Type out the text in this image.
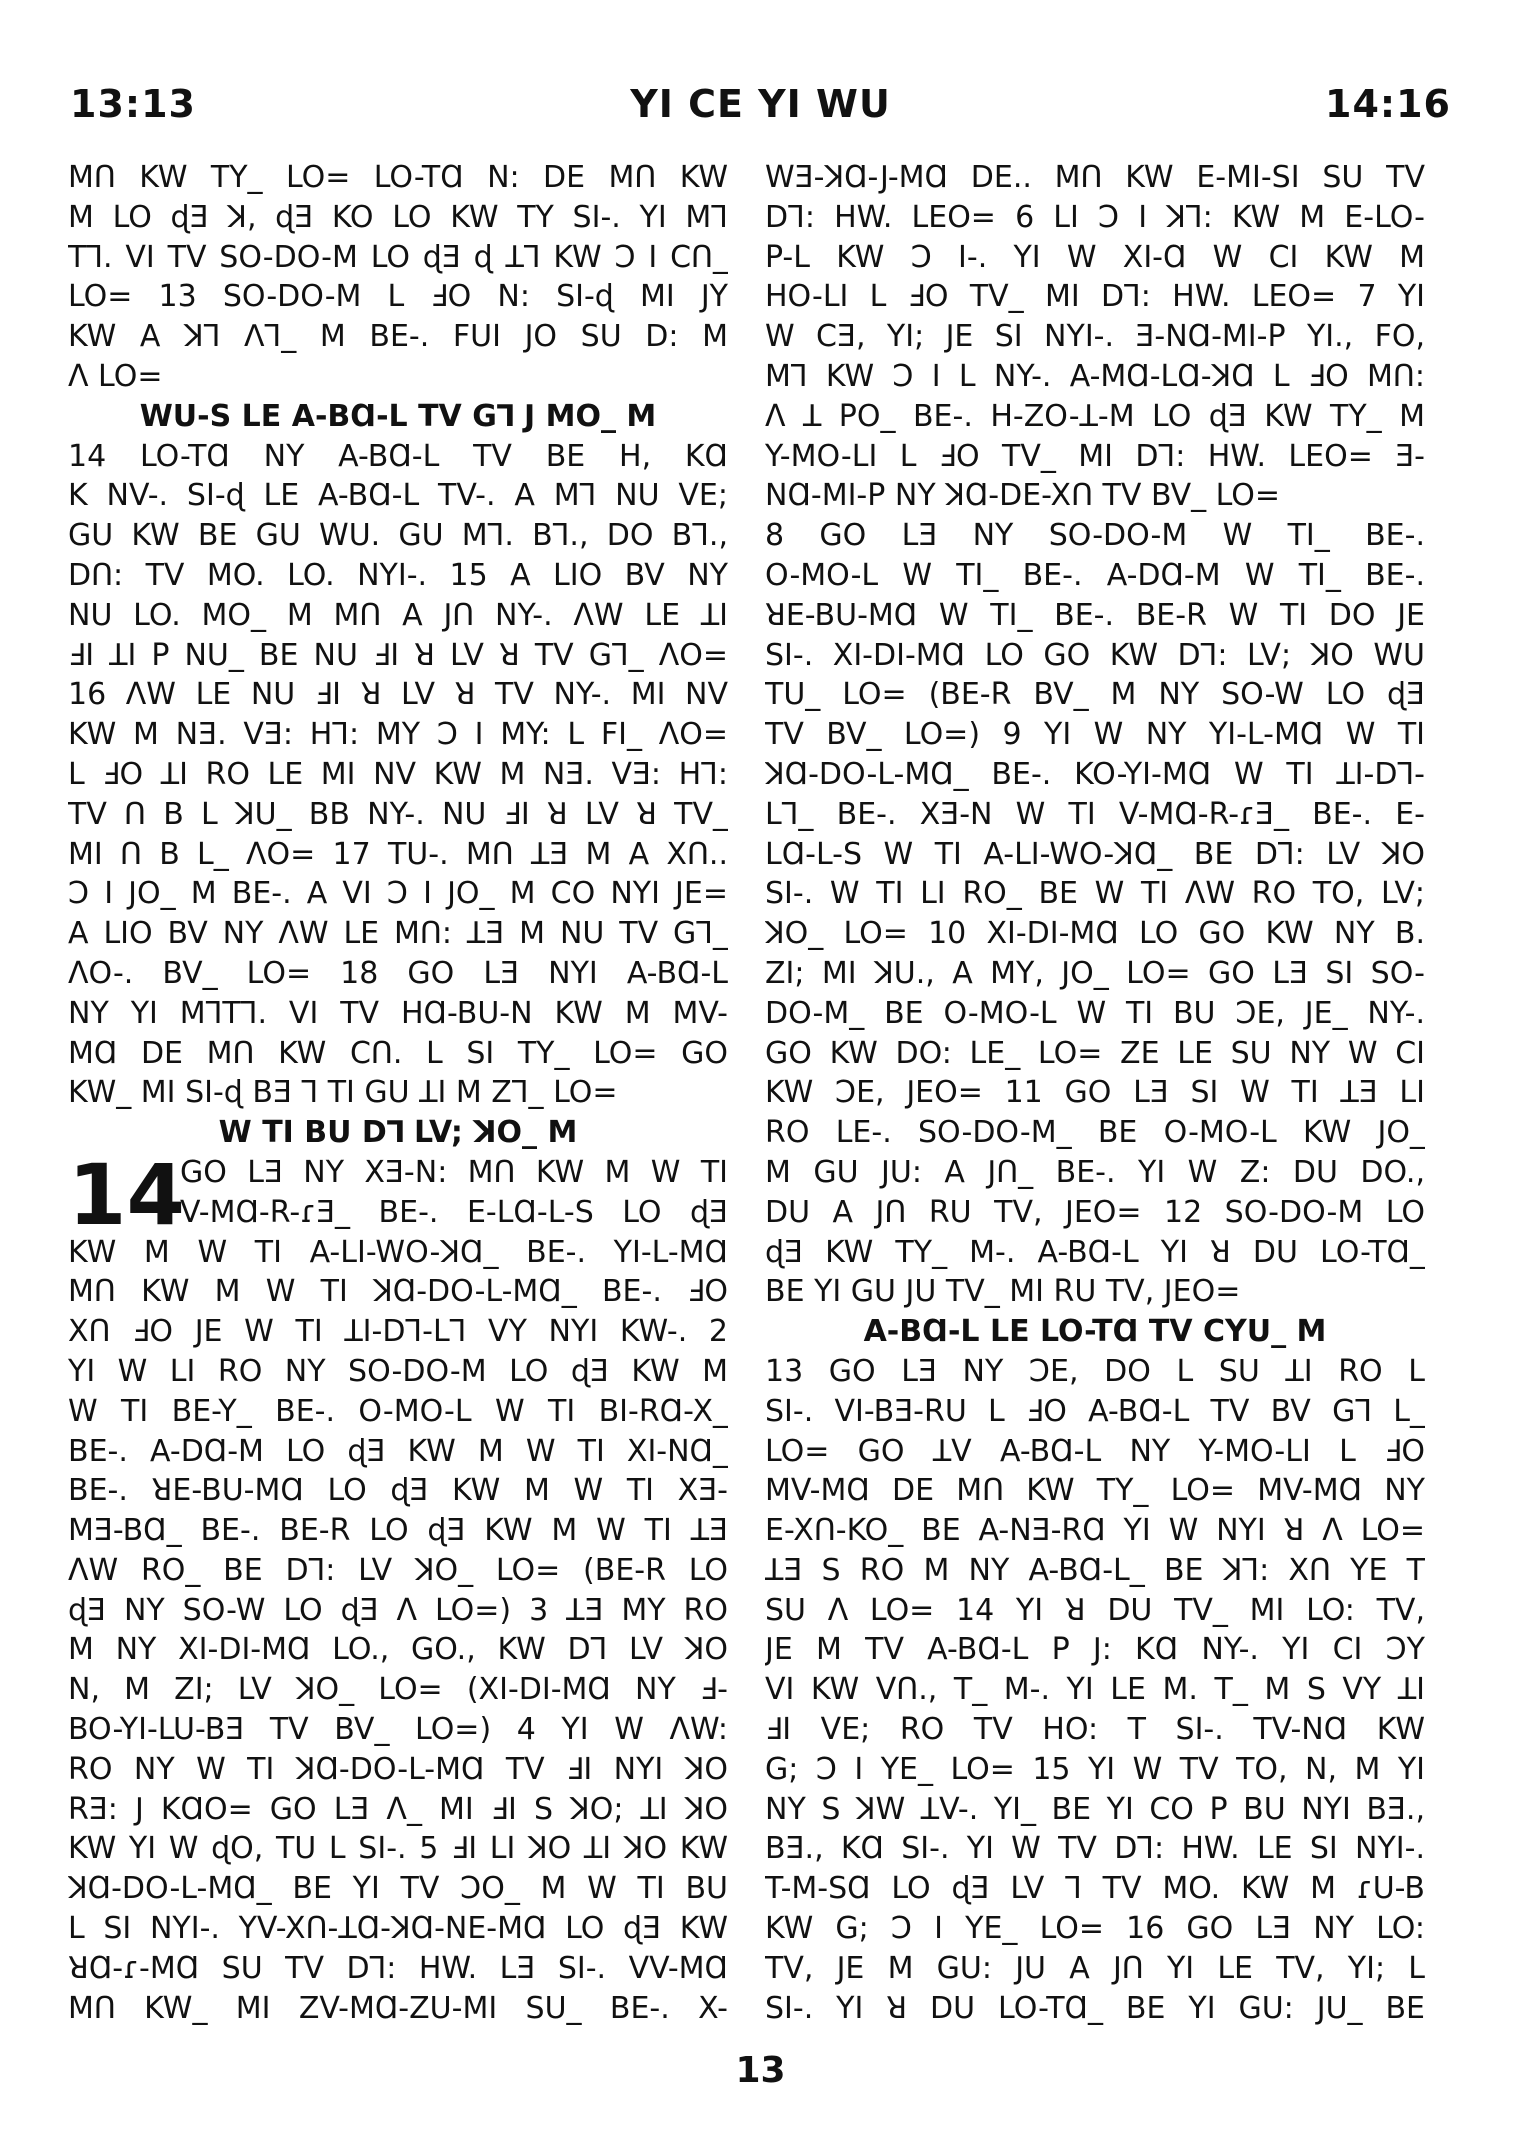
13:13	YI CE YI WU	14:16
MՈ KW TY_ LO= LO-TⱭ N: DE MՈ KW
M LO ɖƎ ꓘ, ɖƎ KO LO KW TY SI-. YI Mꓶ
ꓔꓶ. VI TV SO-DO-M LO ɖƎ ɖ ꓕꓶ KW Ɔ I CՈ_
LO= 13 SO-DO-M L ꓞO N: SI-ɖ MI JY
KW A ꓘꓶ ꓥꓶ_ M BE-. FUI JO SU D: M
Ʌ LO=
WU-S LE A-BⱭ-L TV Gꓶ J MO_ M
14 LO-TⱭ NY A-BⱭ-L TV BE H, KⱭ
K NV-. SI-ɖ LE A-BⱭ-L TV-. A Mꓶ NU VE;
GU KW BE GU WU. GU Mꓶ. Bꓶ., DO Bꓶ.,
DՈ: TV MO. LO. NYI-. 15 A LIO BV NY
NU LO. MO_ M MՈ A JՈ NY-. ɅW LE ꓕI
ꓞI ꓕI P NU_ BE NU ꓞI ꓤ LV ꓤ TV Gꓶ_ ɅO=
16 ɅW LE NU ꓞI ꓤ LV ꓤ TV NY-. MI NV
KW M NƎ. VƎ: Hꓶ: MY Ɔ I MY: L FI_ ɅO=
L ꓞO ꓕI RO LE MI NV KW M NƎ. VƎ: Hꓶ:
TV Ո B L ꓘU_ BB NY-. NU ꓞI ꓤ LV ꓤ TV_
MI Ո B L_ ɅO= 17 TU-. MՈ ꓕƎ M A XՈ..
Ɔ I JO_ M BE-. A VI Ɔ I JO_ M CO NYI JE=
A LIO BV NY ɅW LE MՈ: ꓕƎ M NU TV Gꓶ_
ɅO-. BV_ LO= 18 GO LƎ NYI A-BⱭ-L
NY YI Mꓶꓔꓶ. VI TV HⱭ-BU-N KW M MV-
MⱭ DE MՈ KW CՈ. L SI TY_ LO= GO
KW_ MI SI-ɖ BƎ ꓶ TI GU ꓕI M Zꓶ_ LO=
W TI BU Dꓶ LV; ꓘO_ M
14
GO LƎ NY XƎ-N: MՈ KW M W TI
V-MⱭ-R-ɾƎ_ BE-. E-LⱭ-L-S LO ɖƎ
KW M W TI A-LI-WO-ꓘⱭ_ BE-. YI-L-MⱭ
MՈ KW M W TI ꓘⱭ-DO-L-MⱭ_ BE-. ꓞO
XՈ ꓞO JE W TI ꓕI-Dꓶ-Lꓶ VY NYI KW-. 2
YI W LI RO NY SO-DO-M LO ɖƎ KW M
W TI BE-Y_ BE-. O-MO-L W TI BI-RⱭ-X_
BE-. A-DⱭ-M LO ɖƎ KW M W TI XI-NⱭ_
BE-. ꓤE-BU-MⱭ LO ɖƎ KW M W TI XƎ-
MƎ-BⱭ_ BE-. BE-R LO ɖƎ KW M W TI ꓕƎ
ɅW RO_ BE Dꓶ: LV ꓘO_ LO= (BE-R LO
ɖƎ NY SO-W LO ɖƎ Ʌ LO=) 3 ꓕƎ MY RO
M NY XI-DI-MⱭ LO., GO., KW Dꓶ LV ꓘO
N, M ZI; LV ꓘO_ LO= (XI-DI-MⱭ NY ꓞ-
BO-YI-LU-BƎ TV BV_ LO=) 4 YI W ɅW:
RO NY W TI ꓘⱭ-DO-L-MⱭ TV ꓞI NYI ꓘO
RƎ: J KⱭO= GO LƎ Ʌ_ MI ꓞI S ꓘO; ꓕI ꓘO
KW YI W ɖO, TU L SI-. 5 ꓞI LI ꓘO ꓕI ꓘO KW
ꓘⱭ-DO-L-MⱭ_ BE YI TV ƆO_ M W TI BU
L SI NYI-. YV-XՈ-ꓕⱭ-ꓘⱭ-NE-MⱭ LO ɖƎ KW
ꓤⱭ-ɾ-MⱭ SU TV Dꓶ: HW. LƎ SI-. VV-MⱭ
MՈ KW_ MI ZV-MⱭ-ZU-MI SU_ BE-. X-
WƎ-ꓘⱭ-J-MⱭ DE.. MՈ KW E-MI-SI SU TV
Dꓶ: HW. LEO= 6 LI Ɔ I ꓘꓶ: KW M E-LO-
P-L KW Ɔ I-. YI W XI-Ɑ W CI KW M
HO-LI L ꓞO TV_ MI Dꓶ: HW. LEO= 7 YI
W CƎ, YI; JE SI NYI-. Ǝ-NⱭ-MI-P YI., FO,
Mꓶ KW Ɔ I L NY-. A-MⱭ-LⱭ-ꓘⱭ L ꓞO MՈ:
Ʌ ꓕ PO_ BE-. H-ZO-ꓕ-M LO ɖƎ KW TY_ M
Y-MO-LI L ꓞO TV_ MI Dꓶ: HW. LEO= Ǝ-
NⱭ-MI-P NY ꓘⱭ-DE-XՈ TV BV_ LO=
8 GO LƎ NY SO-DO-M W TI_ BE-.
O-MO-L W TI_ BE-. A-DⱭ-M W TI_ BE-.
ꓤE-BU-MⱭ W TI_ BE-. BE-R W TI DO JE
SI-. XI-DI-MⱭ LO GO KW Dꓶ: LV; ꓘO WU
TU_ LO= (BE-R BV_ M NY SO-W LO ɖƎ
TV BV_ LO=) 9 YI W NY YI-L-MⱭ W TI
ꓘⱭ-DO-L-MⱭ_ BE-. KO-YI-MⱭ W TI ꓕI-Dꓶ-
Lꓶ_ BE-. XƎ-N W TI V-MⱭ-R-ɾƎ_ BE-. E-
LⱭ-L-S W TI A-LI-WO-ꓘⱭ_ BE Dꓶ: LV ꓘO
SI-. W TI LI RO_ BE W TI ɅW RO TO, LV;
ꓘO_ LO= 10 XI-DI-MⱭ LO GO KW NY B.
ZI; MI ꓘU., A MY, JO_ LO= GO LƎ SI SO-
DO-M_ BE O-MO-L W TI BU ƆE, JE_ NY-.
GO KW DO: LE_ LO= ZE LE SU NY W CI
KW ƆE, JEO= 11 GO LƎ SI W TI ꓕƎ LI
RO LE-. SO-DO-M_ BE O-MO-L KW JO_
M GU JU: A JՈ_ BE-. YI W Z: DU DO.,
DU A JՈ RU TV, JEO= 12 SO-DO-M LO
ɖƎ KW TY_ M-. A-BⱭ-L YI ꓤ DU LO-TⱭ_
BE YI GU JU TV_ MI RU TV, JEO=
A-BⱭ-L LE LO-TⱭ TV CYU_ M
13 GO LƎ NY ƆE, DO L SU ꓕI RO L
SI-. VI-BƎ-RU L ꓞO A-BⱭ-L TV BV Gꓶ L_
LO= GO ꓕV A-BⱭ-L NY Y-MO-LI L ꓞO
MV-MⱭ DE MՈ KW TY_ LO= MV-MⱭ NY
E-XՈ-KO_ BE A-NƎ-RⱭ YI W NYI ꓤ Ʌ LO=
ꓕƎ S RO M NY A-BⱭ-L_ BE ꓘꓶ: XՈ YE T
SU Ʌ LO= 14 YI ꓤ DU TV_ MI LO: TV,
JE M TV A-BⱭ-L P J: KⱭ NY-. YI CI ƆY
VI KW VՈ., T_ M-. YI LE M. T_ M S VY ꓕI
ꓞI VE; RO TV HO: T SI-. TV-NⱭ KW
G; Ɔ I YE_ LO= 15 YI W TV TO, N, M YI
NY S ꓘW ꓕV-. YI_ BE YI CO P BU NYI BƎ.,
BƎ., KⱭ SI-. YI W TV Dꓶ: HW. LE SI NYI-.
T-M-SⱭ LO ɖƎ LV ꓶ TV MO. KW M ɾU-B
KW G; Ɔ I YE_ LO= 16 GO LƎ NY LO:
TV, JE M GU: JU A JՈ YI LE TV, YI; L
SI-. YI ꓤ DU LO-TⱭ_ BE YI GU: JU_ BE
13
